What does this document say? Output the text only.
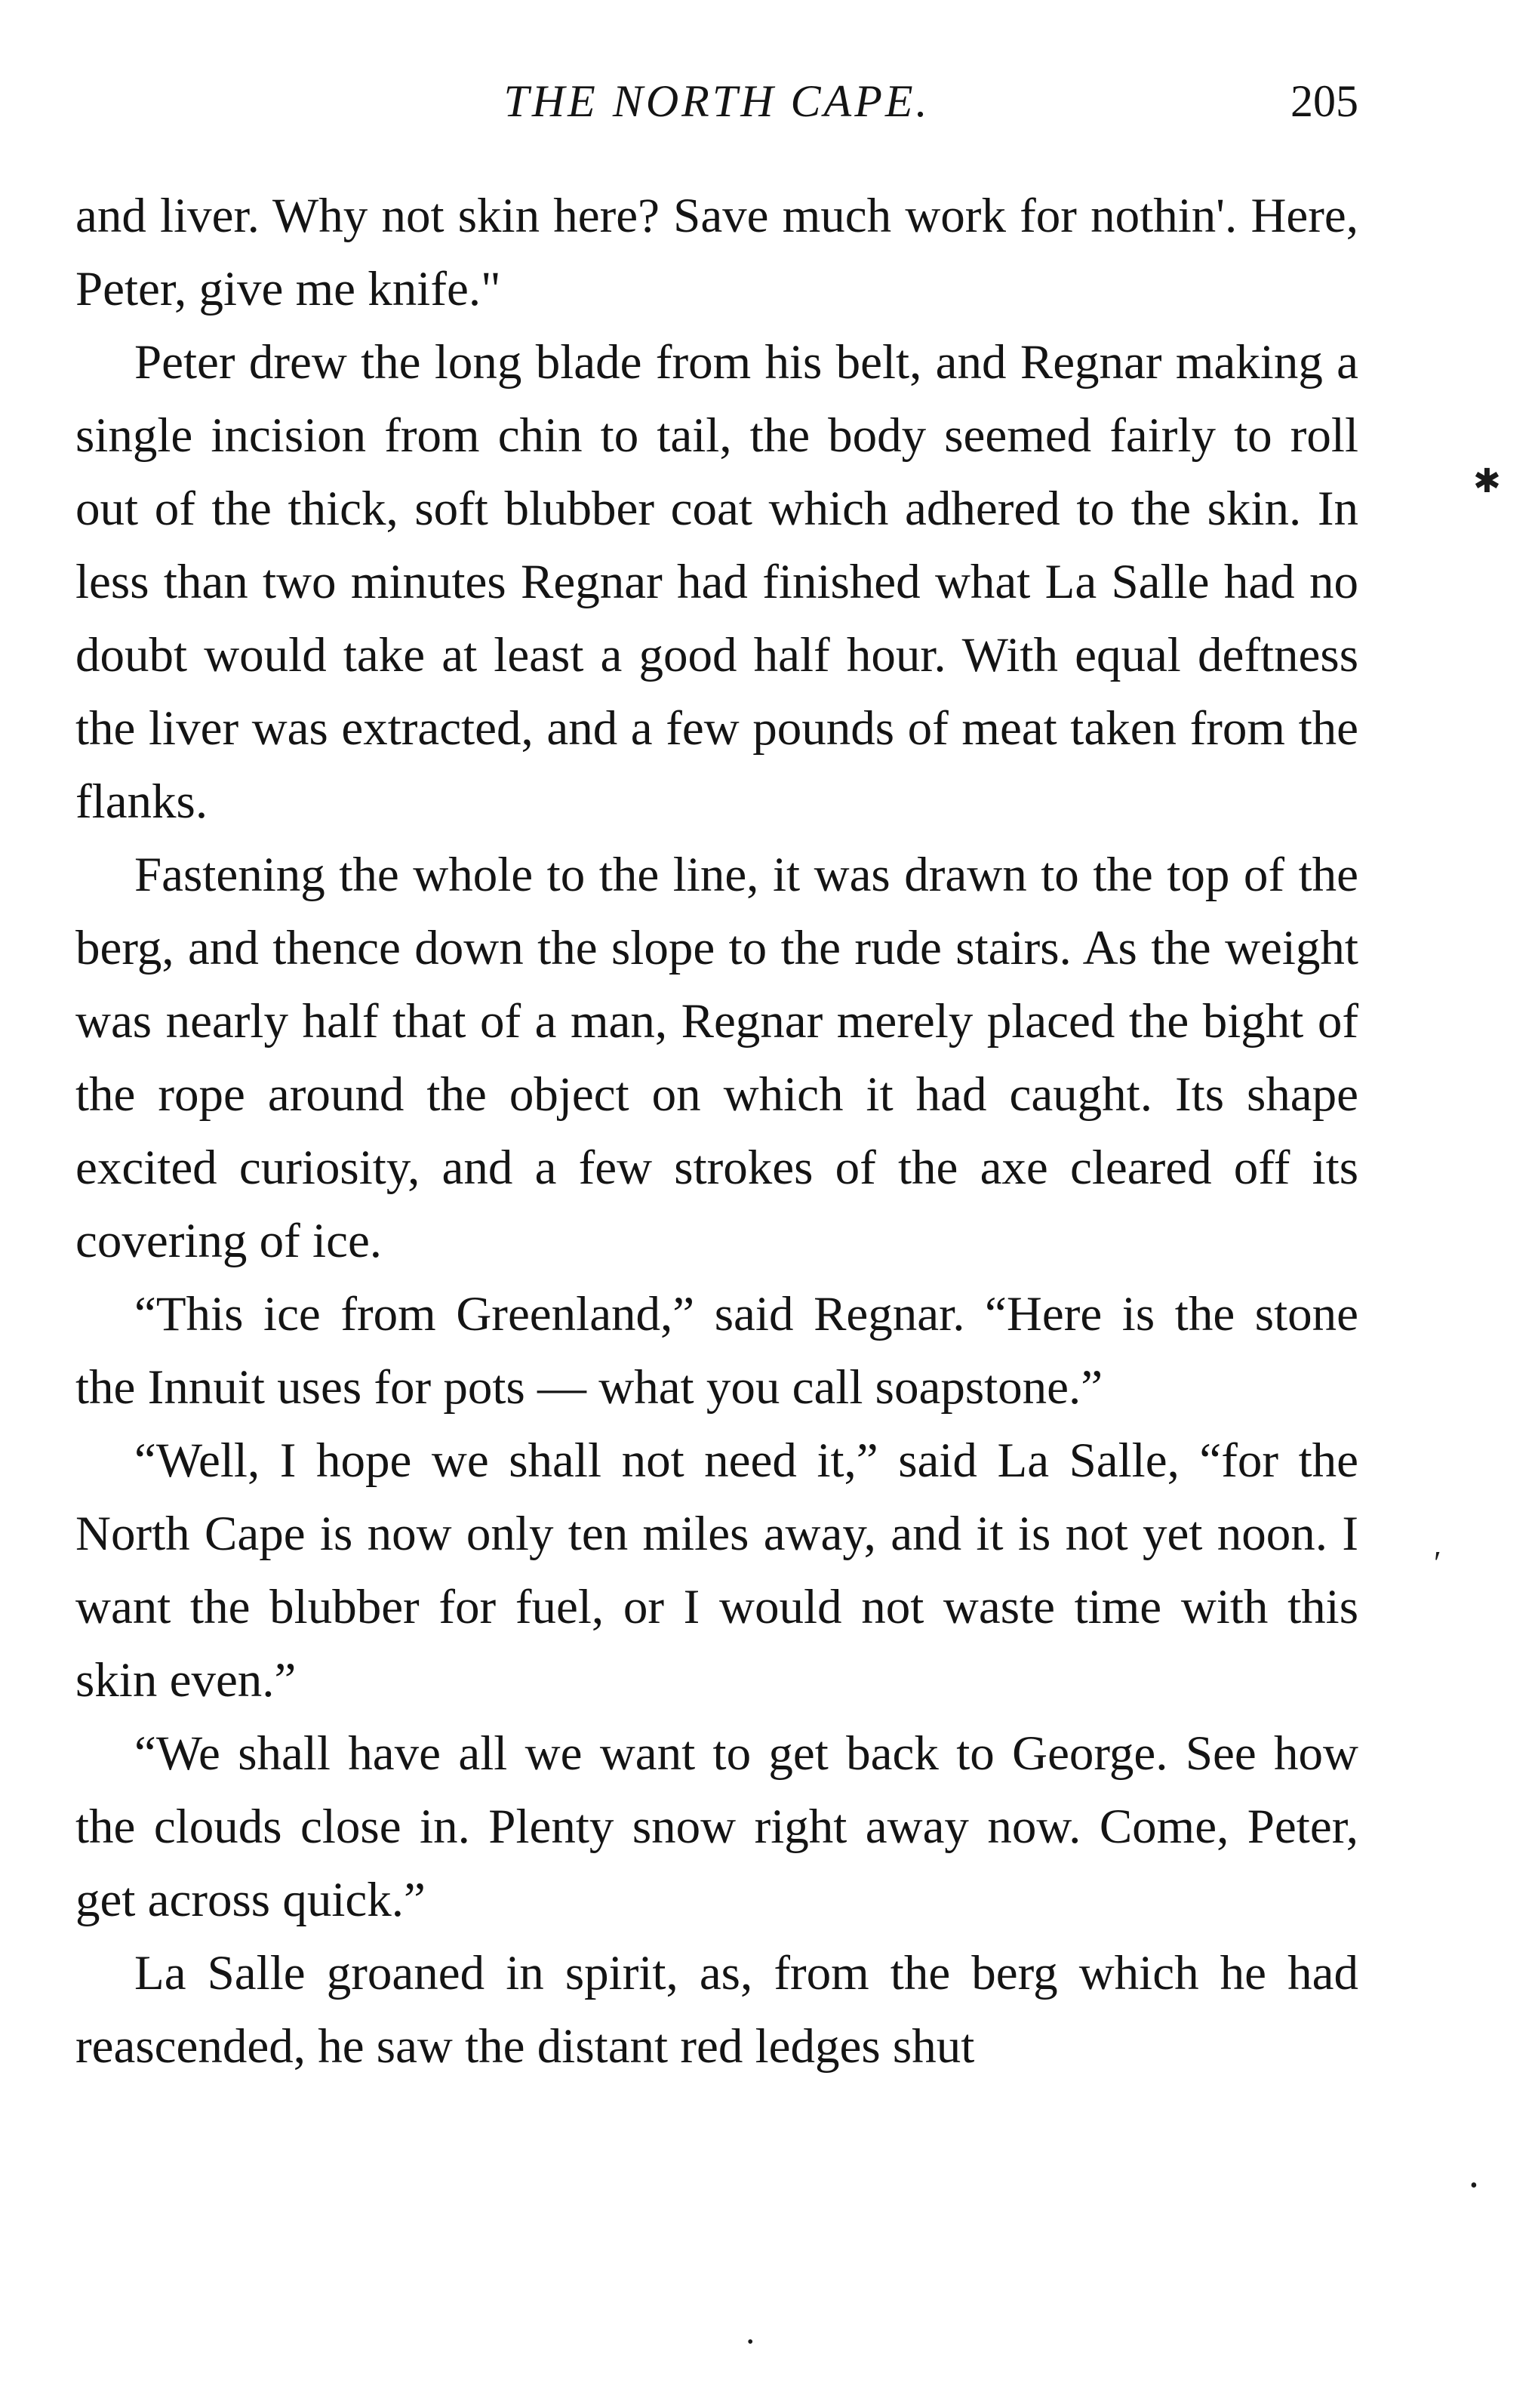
THE NORTH CAPE.	205

and liver. Why not skin here? Save much work for nothin'. Here, Peter, give me knife."

Peter drew the long blade from his belt, and Regnar making a single incision from chin to tail, the body seemed fairly to roll out of the thick, soft blubber coat which adhered to the skin. In less than two minutes Regnar had finished what La Salle had no doubt would take at least a good half hour. With equal deftness the liver was extracted, and a few pounds of meat taken from the flanks.

Fastening the whole to the line, it was drawn to the top of the berg, and thence down the slope to the rude stairs. As the weight was nearly half that of a man, Regnar merely placed the bight of the rope around the object on which it had caught. Its shape excited curiosity, and a few strokes of the axe cleared off its covering of ice.

“This ice from Greenland,” said Regnar. “Here is the stone the Innuit uses for pots — what you call soapstone.”

“Well, I hope we shall not need it,” said La Salle, “for the North Cape is now only ten miles away, and it is not yet noon. I want the blubber for fuel, or I would not waste time with this skin even.”

“We shall have all we want to get back to George. See how the clouds close in. Plenty snow right away now. Come, Peter, get across quick.”

La Salle groaned in spirit, as, from the berg which he had reascended, he saw the distant red ledges shut

✱
′
•
•
